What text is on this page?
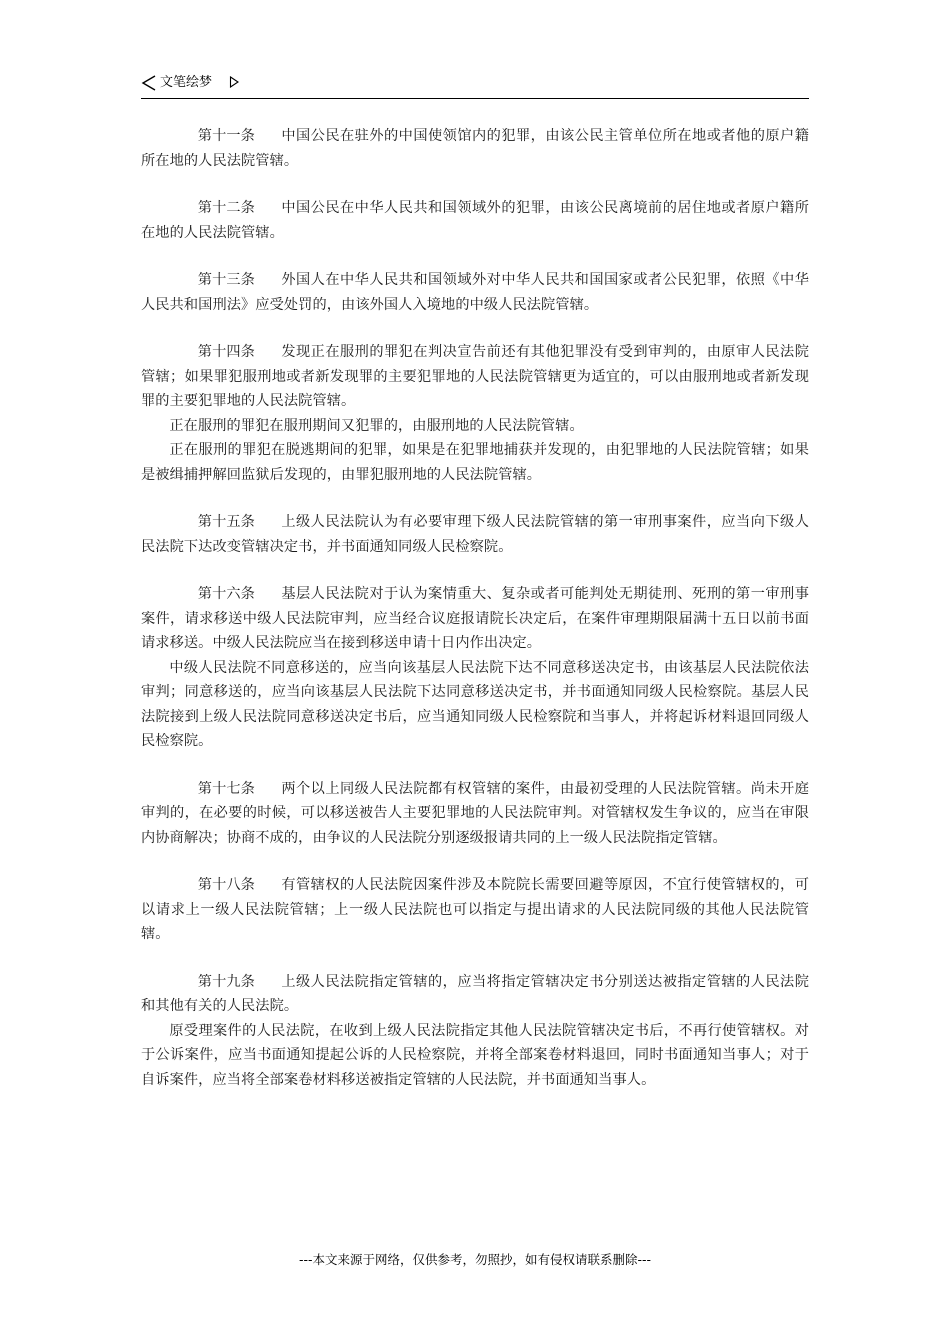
文笔绘梦

第十一条 中国公民在驻外的中国使领馆内的犯罪，由该公民主管单位所在地或者他的原户籍所在地的人民法院管辖。

第十二条 中国公民在中华人民共和国领域外的犯罪，由该公民离境前的居住地或者原户籍所在地的人民法院管辖。

第十三条 外国人在中华人民共和国领域外对中华人民共和国国家或者公民犯罪，依照《中华人民共和国刑法》应受处罚的，由该外国人入境地的中级人民法院管辖。

第十四条 发现正在服刑的罪犯在判决宣告前还有其他犯罪没有受到审判的，由原审人民法院管辖；如果罪犯服刑地或者新发现罪的主要犯罪地的人民法院管辖更为适宜的，可以由服刑地或者新发现罪的主要犯罪地的人民法院管辖。

正在服刑的罪犯在服刑期间又犯罪的，由服刑地的人民法院管辖。

正在服刑的罪犯在脱逃期间的犯罪，如果是在犯罪地捕获并发现的，由犯罪地的人民法院管辖；如果是被缉捕押解回监狱后发现的，由罪犯服刑地的人民法院管辖。

第十五条 上级人民法院认为有必要审理下级人民法院管辖的第一审刑事案件，应当向下级人民法院下达改变管辖决定书，并书面通知同级人民检察院。

第十六条 基层人民法院对于认为案情重大、复杂或者可能判处无期徒刑、死刑的第一审刑事案件，请求移送中级人民法院审判，应当经合议庭报请院长决定后，在案件审理期限届满十五日以前书面请求移送。中级人民法院应当在接到移送申请十日内作出决定。

中级人民法院不同意移送的，应当向该基层人民法院下达不同意移送决定书，由该基层人民法院依法审判；同意移送的，应当向该基层人民法院下达同意移送决定书，并书面通知同级人民检察院。基层人民法院接到上级人民法院同意移送决定书后，应当通知同级人民检察院和当事人，并将起诉材料退回同级人民检察院。

第十七条 两个以上同级人民法院都有权管辖的案件，由最初受理的人民法院管辖。尚未开庭审判的，在必要的时候，可以移送被告人主要犯罪地的人民法院审判。对管辖权发生争议的，应当在审限内协商解决；协商不成的，由争议的人民法院分别逐级报请共同的上一级人民法院指定管辖。

第十八条 有管辖权的人民法院因案件涉及本院院长需要回避等原因，不宜行使管辖权的，可以请求上一级人民法院管辖；上一级人民法院也可以指定与提出请求的人民法院同级的其他人民法院管辖。

第十九条 上级人民法院指定管辖的，应当将指定管辖决定书分别送达被指定管辖的人民法院和其他有关的人民法院。

原受理案件的人民法院，在收到上级人民法院指定其他人民法院管辖决定书后，不再行使管辖权。对于公诉案件，应当书面通知提起公诉的人民检察院，并将全部案卷材料退回，同时书面通知当事人；对于自诉案件，应当将全部案卷材料移送被指定管辖的人民法院，并书面通知当事人。

---本文来源于网络，仅供参考，勿照抄，如有侵权请联系删除---
